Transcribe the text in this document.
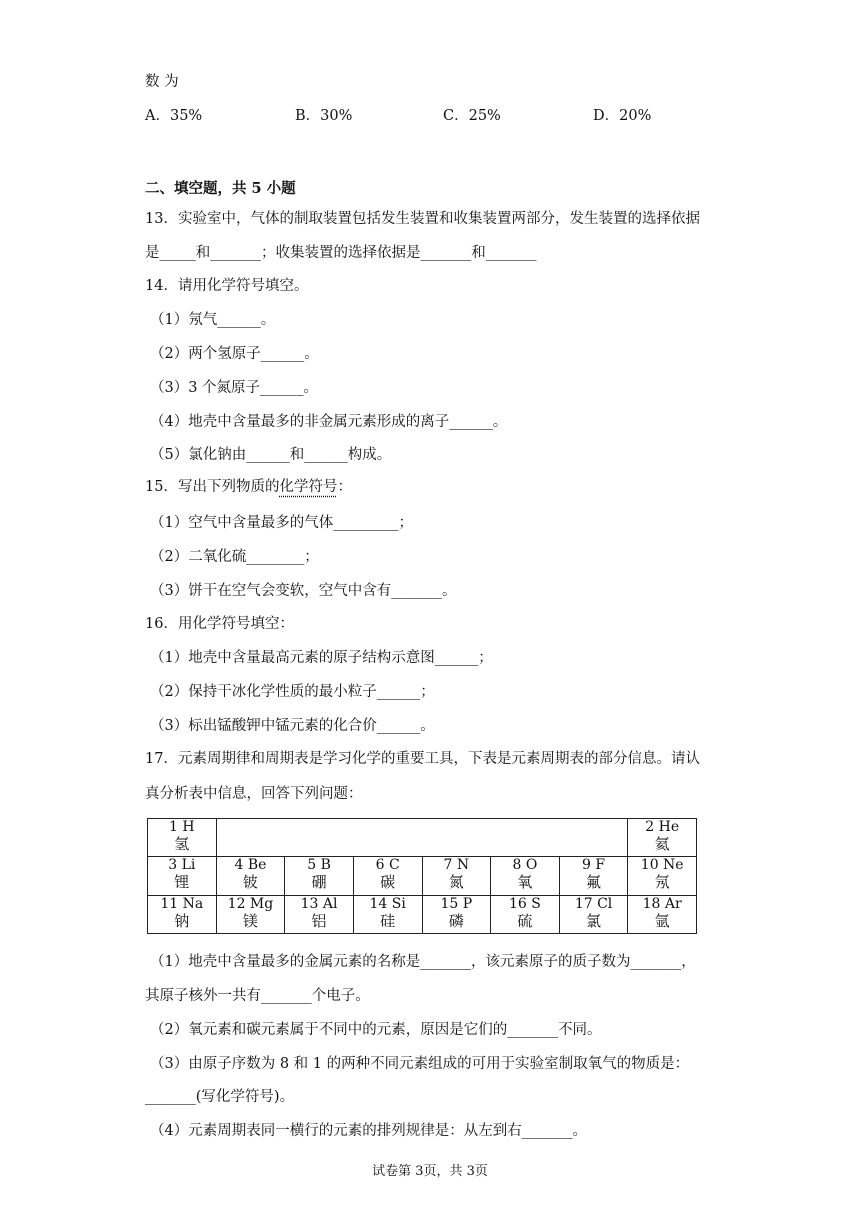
数 为
A．35%	B．30%	C．25%	D．20%
二、填空题，共 5 小题
13．实验室中，气体的制取装置包括发生装置和收集装置两部分，发生装置的选择依据
是_____和_______；收集装置的选择依据是_______和_______
14．请用化学符号填空。
（1）氖气______。
（2）两个氢原子______。
（3）3 个氮原子______。
（4）地壳中含量最多的非金属元素形成的离子______。
（5）氯化钠由______和______构成。
15．写出下列物质的化学符号：
（1）空气中含量最多的气体_________；
（2）二氧化硫________；
（3）饼干在空气会变软，空气中含有_______。
16．用化学符号填空：
（1）地壳中含量最高元素的原子结构示意图______；
（2）保持干冰化学性质的最小粒子______；
（3）标出锰酸钾中锰元素的化合价______。
17．元素周期律和周期表是学习化学的重要工具，下表是元素周期表的部分信息。请认
真分析表中信息，回答下列问题：
1 H
氢							2 He
氦

3 Li
锂	4 Be
铍	5 B
硼	6 C
碳	7 N
氮	8 O
氧	9 F
氟	10 Ne
氖

11 Na
钠	12 Mg
镁	13 Al
铝	14 Si
硅	15 P
磷	16 S
硫	17 Cl
氯	18 Ar
氩
（1）地壳中含量最多的金属元素的名称是_______，该元素原子的质子数为_______，
其原子核外一共有_______个电子。
（2）氧元素和碳元素属于不同中的元素，原因是它们的_______不同。
（3）由原子序数为 8 和 1 的两种不同元素组成的可用于实验室制取氧气的物质是：
_______(写化学符号)。
（4）元素周期表同一横行的元素的排列规律是：从左到右_______。
试卷第 3页，共 3页
